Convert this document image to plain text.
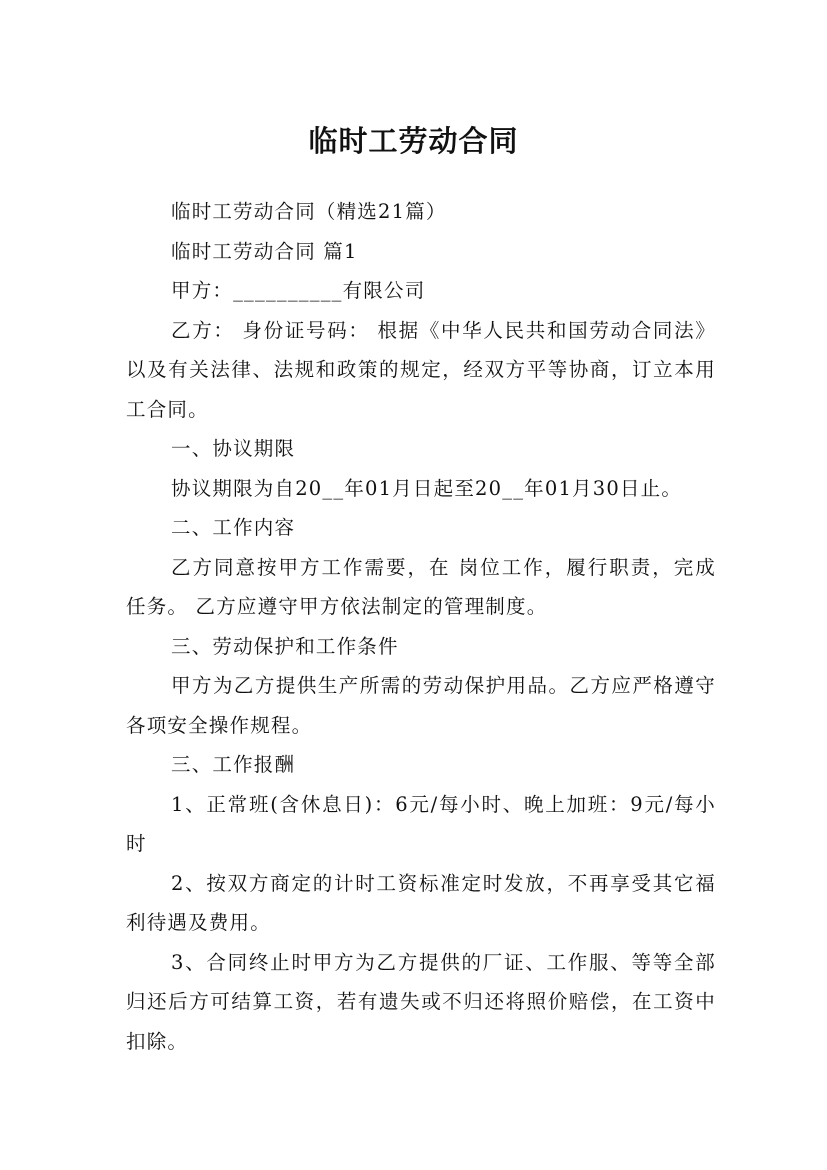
临时工劳动合同

临时工劳动合同（精选21篇）

临时工劳动合同 篇1

甲方：__________有限公司

乙方： 身份证号码： 根据《中华人民共和国劳动合同法》以及有关法律、法规和政策的规定，经双方平等协商，订立本用工合同。

一、协议期限

协议期限为自20__年01月日起至20__年01月30日止。

二、工作内容

乙方同意按甲方工作需要，在 岗位工作，履行职责，完成任务。 乙方应遵守甲方依法制定的管理制度。

三、劳动保护和工作条件

甲方为乙方提供生产所需的劳动保护用品。乙方应严格遵守各项安全操作规程。

三、工作报酬

1、正常班(含休息日)：6元/每小时、晚上加班：9元/每小时

2、按双方商定的计时工资标准定时发放，不再享受其它福利待遇及费用。

3、合同终止时甲方为乙方提供的厂证、工作服、等等全部归还后方可结算工资，若有遗失或不归还将照价赔偿，在工资中扣除。
